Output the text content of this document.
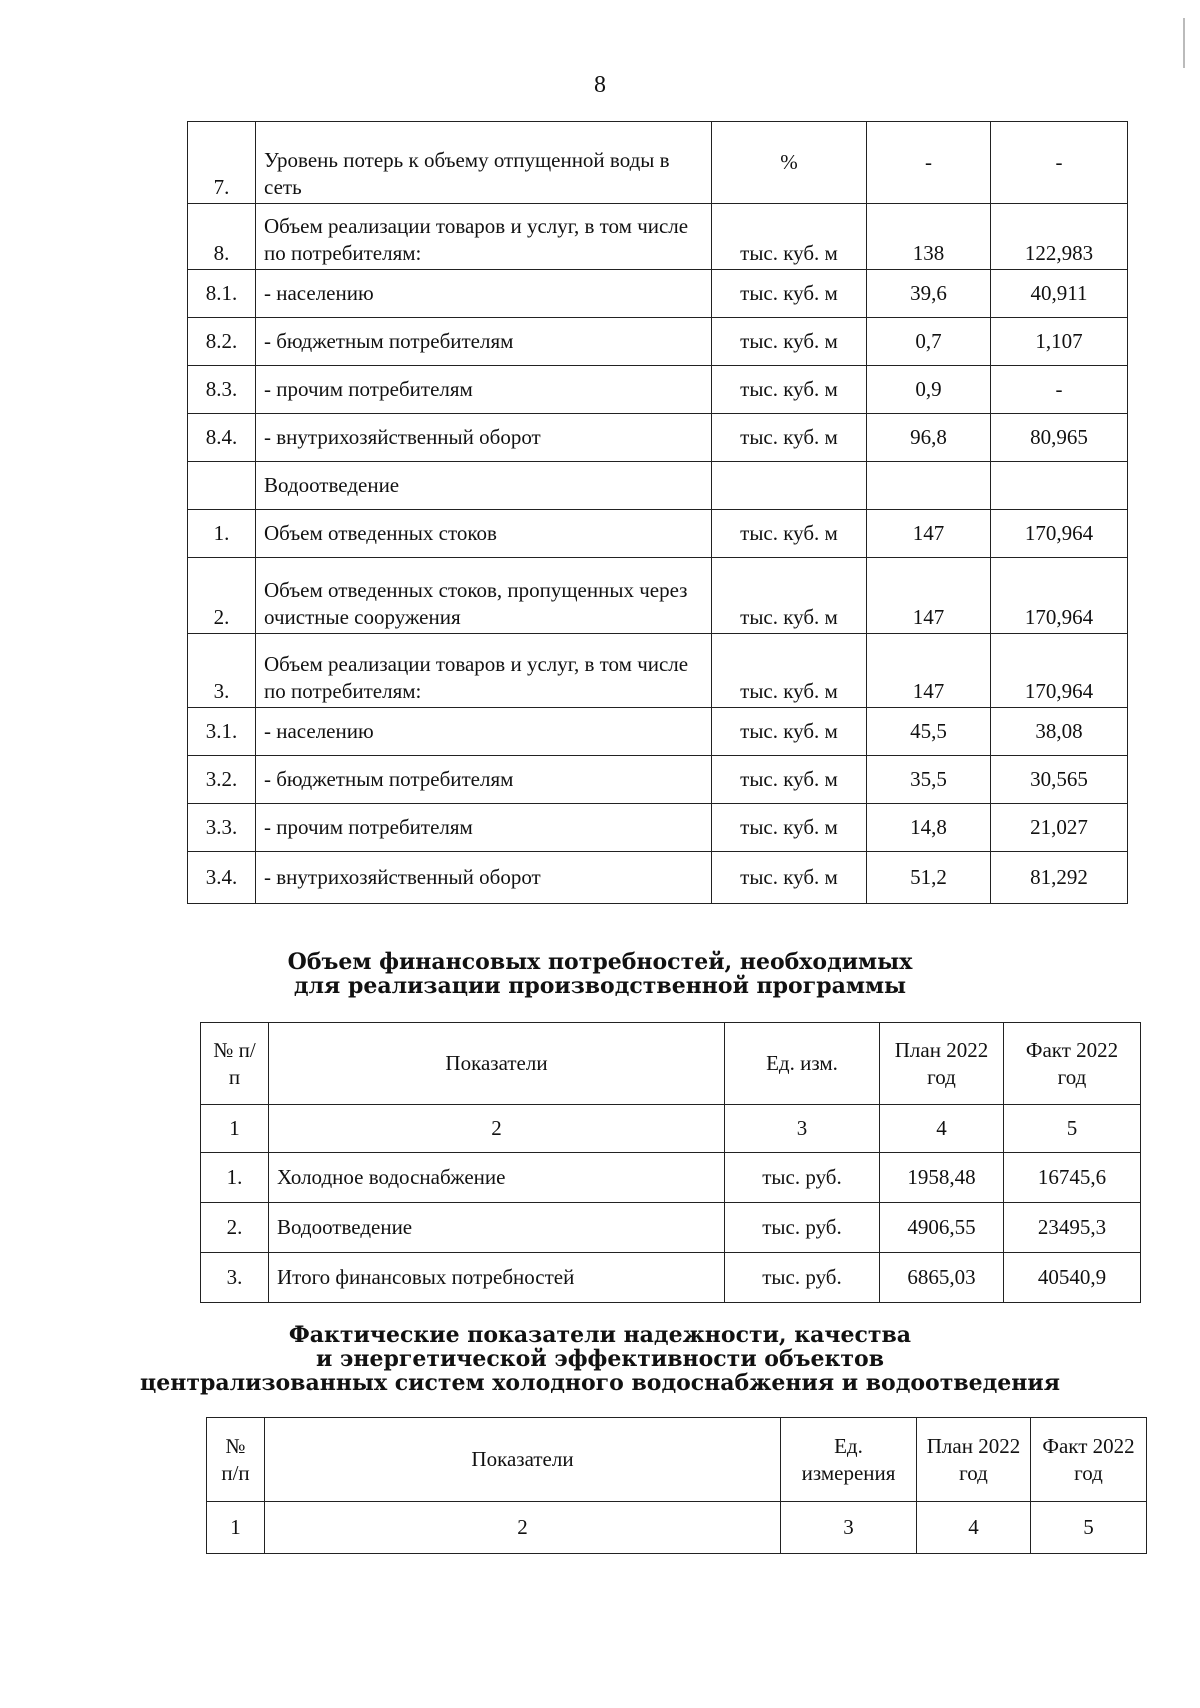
8
7.	Уровень потерь к объему отпущенной воды в сеть	%	-	-
8.	Объем реализации товаров и услуг, в том числе по потребителям:	тыс. куб. м	138	122,983
8.1.	- населению	тыс. куб. м	39,6	40,911
8.2.	- бюджетным потребителям	тыс. куб. м	0,7	1,107
8.3.	- прочим потребителям	тыс. куб. м	0,9	-
8.4.	- внутрихозяйственный оборот	тыс. куб. м	96,8	80,965
	Водоотведение			
1.	Объем отведенных стоков	тыс. куб. м	147	170,964
2.	Объем отведенных стоков, пропущенных через очистные сооружения	тыс. куб. м	147	170,964
3.	Объем реализации товаров и услуг, в том числе по потребителям:	тыс. куб. м	147	170,964
3.1.	- населению	тыс. куб. м	45,5	38,08
3.2.	- бюджетным потребителям	тыс. куб. м	35,5	30,565
3.3.	- прочим потребителям	тыс. куб. м	14,8	21,027
3.4.	- внутрихозяйственный оборот	тыс. куб. м	51,2	81,292
Объем финансовых потребностей, необходимых
для реализации производственной программы
№ п/п	Показатели	Ед. изм.	План 2022 год	Факт 2022 год
1	2	3	4	5
1.	Холодное водоснабжение	тыс. руб.	1958,48	16745,6
2.	Водоотведение	тыс. руб.	4906,55	23495,3
3.	Итого финансовых потребностей	тыс. руб.	6865,03	40540,9
Фактические показатели надежности, качества
и энергетической эффективности объектов
централизованных систем холодного водоснабжения и водоотведения
№ п/п	Показатели	Ед. измерения	План 2022 год	Факт 2022 год
1	2	3	4	5
